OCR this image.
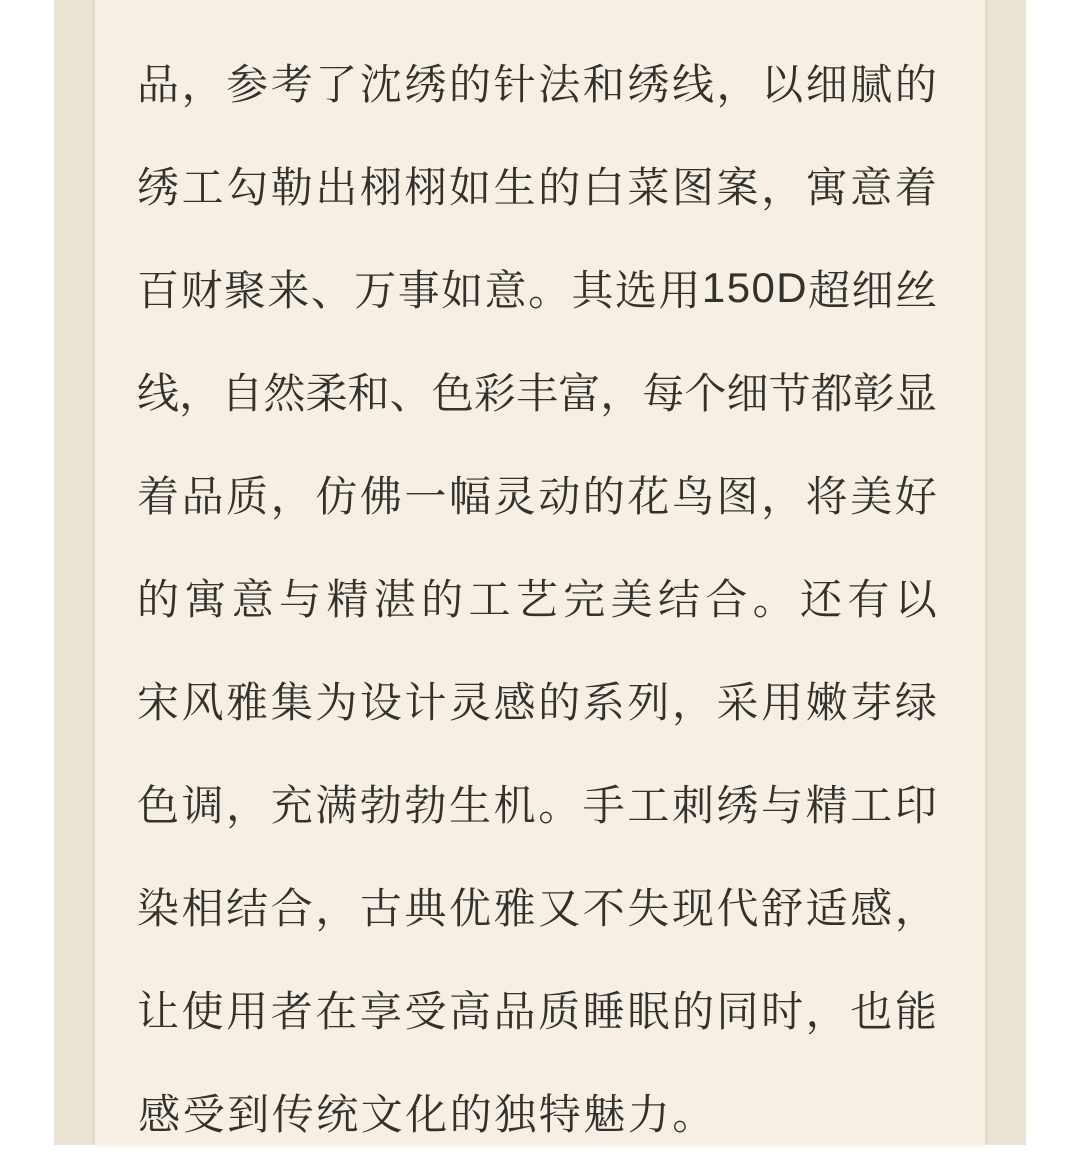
品 ， 参 考 了 沈 绣 的 针 法 和 绣 线 ， 以 细 腻 的
绣 工 勾 勒 出 栩 栩 如 生 的 白 菜 图 案 ， 寓 意 着
百 财 聚 来 、 万 事 如 意 。 其 选 用 1 5 0 D 超 细 丝
线 ， 自 然 柔 和 、 色 彩 丰 富 ， 每 个 细 节 都 彰 显
着 品 质 ， 仿 佛 一 幅 灵 动 的 花 鸟 图 ， 将 美 好
的 寓 意 与 精 湛 的 工 艺 完 美 结 合 。 还 有 以
宋 风 雅 集 为 设 计 灵 感 的 系 列 ， 采 用 嫩 芽 绿
色 调 ， 充 满 勃 勃 生 机 。 手 工 刺 绣 与 精 工 印
染 相 结 合 ， 古 典 优 雅 又 不 失 现 代 舒 适 感 ，
让 使 用 者 在 享 受 高 品 质 睡 眠 的 同 时 ， 也 能
感 受 到 传 统 文 化 的 独 特 魅 力 。
